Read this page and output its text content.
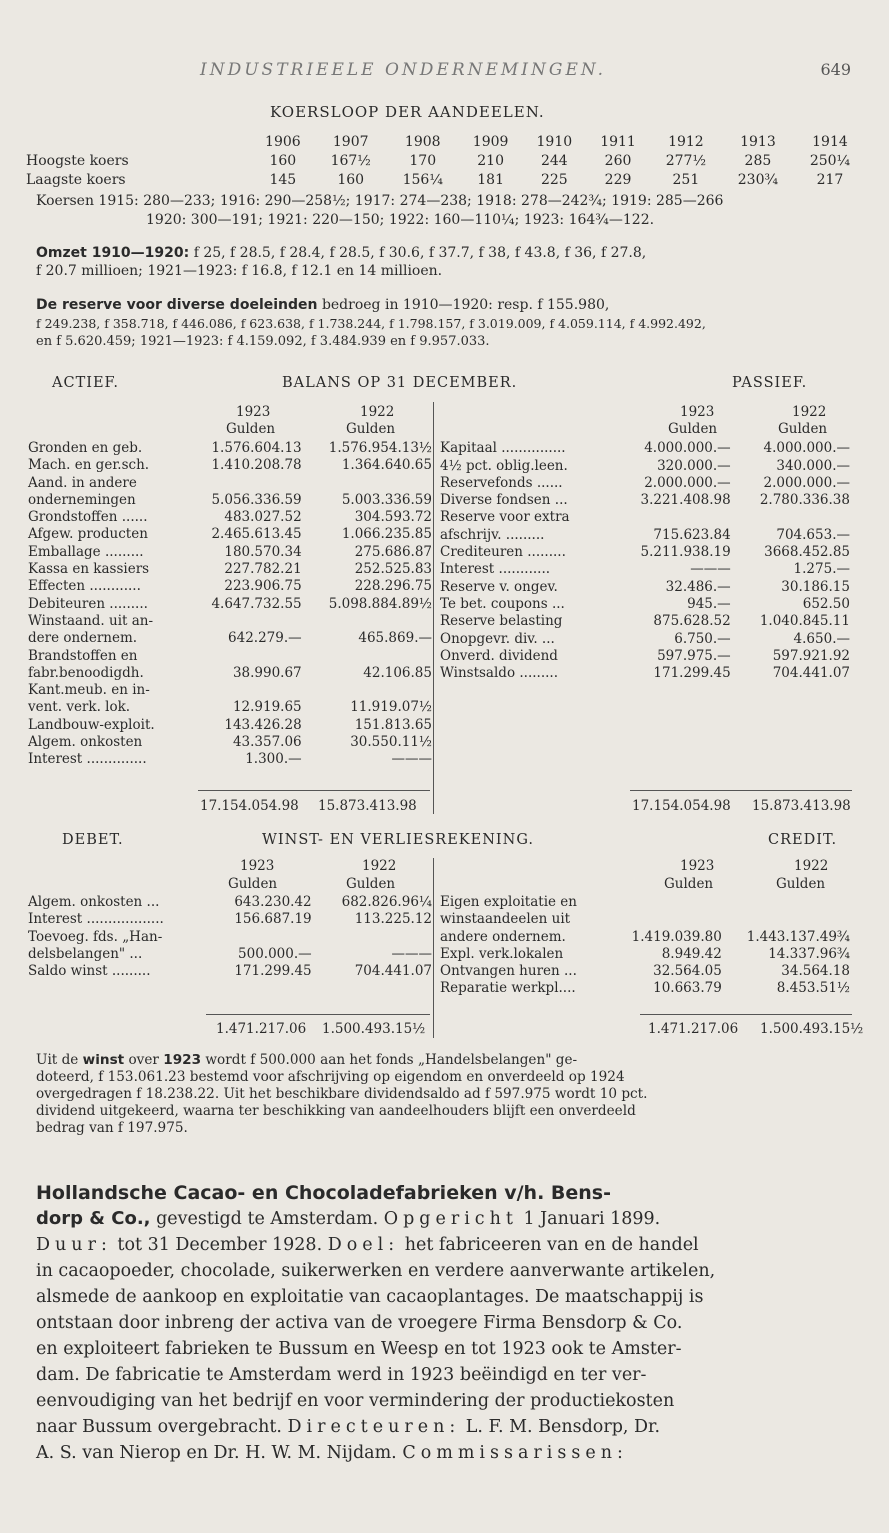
INDUSTRIEELE ONDERNEMINGEN.	649
KOERSLOOP DER AANDEELEN.
	1906	1907	1908	1909	1910	1911	1912	1913	1914
Hoogste koers	160	167½	170	210	244	260	277½	285	250¼
Laagste koers	145	160	156¼	181	225	229	251	230¾	217
Koersen 1915: 280—233; 1916: 290—258½; 1917: 274—238; 1918: 278—242¾; 1919: 285—266
1920: 300—191; 1921: 220—150; 1922: 160—110¼; 1923: 164¾—122.
Omzet 1910—1920: f 25, f 28.5, f 28.4, f 28.5, f 30.6, f 37.7, f 38, f 43.8, f 36, f 27.8,
f 20.7 millioen; 1921—1923: f 16.8, f 12.1 en 14 millioen.
De reserve voor diverse doeleinden bedroeg in 1910—1920: resp. f 155.980,
f 249.238, f 358.718, f 446.086, f 623.638, f 1.738.244, f 1.798.157, f 3.019.009, f 4.059.114, f 4.992.492,
en f 5.620.459; 1921—1923: f 4.159.092, f 3.484.939 en f 9.957.033.
ACTIEF.	BALANS OP 31 DECEMBER.	PASSIEF.
1923	1922
Gulden	Gulden
1923	1922
Gulden	Gulden
Gronden en geb.	1.576.604.13	1.576.954.13½
Mach. en ger.sch.	1.410.208.78	1.364.640.65
Aand. in andere		
ondernemingen	5.056.336.59	5.003.336.59
Grondstoffen ......	483.027.52	304.593.72
Afgew. producten	2.465.613.45	1.066.235.85
Emballage .........	180.570.34	275.686.87
Kassa en kassiers	227.782.21	252.525.83
Effecten ............	223.906.75	228.296.75
Debiteuren .........	4.647.732.55	5.098.884.89½
Winstaand. uit an-		
dere ondernem.	642.279.—	465.869.—
Brandstoffen en		
fabr.benoodigdh.	38.990.67	42.106.85
Kant.meub. en in-		
vent. verk. lok.	12.919.65	11.919.07½
Landbouw-exploit.	143.426.28	151.813.65
Algem. onkosten	43.357.06	30.550.11½
Interest ..............	1.300.—	———

Kapitaal ...............	4.000.000.—	4.000.000.—
4½ pct. oblig.leen.	320.000.—	340.000.—
Reservefonds ......	2.000.000.—	2.000.000.—
Diverse fondsen ...	3.221.408.98	2.780.336.38
Reserve voor extra		
afschrijv. .........	715.623.84	704.653.—
Crediteuren .........	5.211.938.19	3668.452.85
Interest ............	———	1.275.—
Reserve v. ongev.	32.486.—	30.186.15
Te bet. coupons ...	945.—	652.50
Reserve belasting	875.628.52	1.040.845.11
Onopgevr. div. ...	6.750.—	4.650.—
Onverd. dividend	597.975.—	597.921.92
Winstsaldo .........	171.299.45	704.441.07
17.154.054.98 15.873.413.98	17.154.054.98 15.873.413.98
DEBET.	WINST- EN VERLIESREKENING.	CREDIT.
1923	1922
Gulden	Gulden
1923	1922
Gulden	Gulden
Algem. onkosten ...	643.230.42	682.826.96¼
Interest ..................	156.687.19	113.225.12
Toevoeg. fds. „Han-		
delsbelangen" ...	500.000.—	———
Saldo winst .........	171.299.45	704.441.07
Eigen exploitatie en		
winstaandeelen uit		
andere ondernem.	1.419.039.80	1.443.137.49¾
Expl. verk.lokalen	8.949.42	14.337.96¾
Ontvangen huren ...	32.564.05	34.564.18
Reparatie werkpl....	10.663.79	8.453.51½
1.471.217.06 1.500.493.15½	1.471.217.06 1.500.493.15½
Uit de winst over 1923 wordt f 500.000 aan het fonds „Handelsbelangen" ge-
doteerd, f 153.061.23 bestemd voor afschrijving op eigendom en onverdeeld op 1924
overgedragen f 18.238.22. Uit het beschikbare dividendsaldo ad f 597.975 wordt 10 pct.
dividend uitgekeerd, waarna ter beschikking van aandeelhouders blijft een onverdeeld
bedrag van f 197.975.
Hollandsche Cacao- en Chocoladefabrieken v/h. Bens-
dorp & Co., gevestigd te Amsterdam. Opgericht 1 Januari 1899.
Duur: tot 31 December 1928. Doel: het fabriceeren van en de handel
in cacaopoeder, chocolade, suikerwerken en verdere aanverwante artikelen,
alsmede de aankoop en exploitatie van cacaoplantages. De maatschappij is
ontstaan door inbreng der activa van de vroegere Firma Bensdorp & Co.
en exploiteert fabrieken te Bussum en Weesp en tot 1923 ook te Amster-
dam. De fabricatie te Amsterdam werd in 1923 beëindigd en ter ver-
eenvoudiging van het bedrijf en voor vermindering der productiekosten
naar Bussum overgebracht. Directeuren: L. F. M. Bensdorp, Dr.
A. S. van Nierop en Dr. H. W. M. Nijdam. Commissarissen:
